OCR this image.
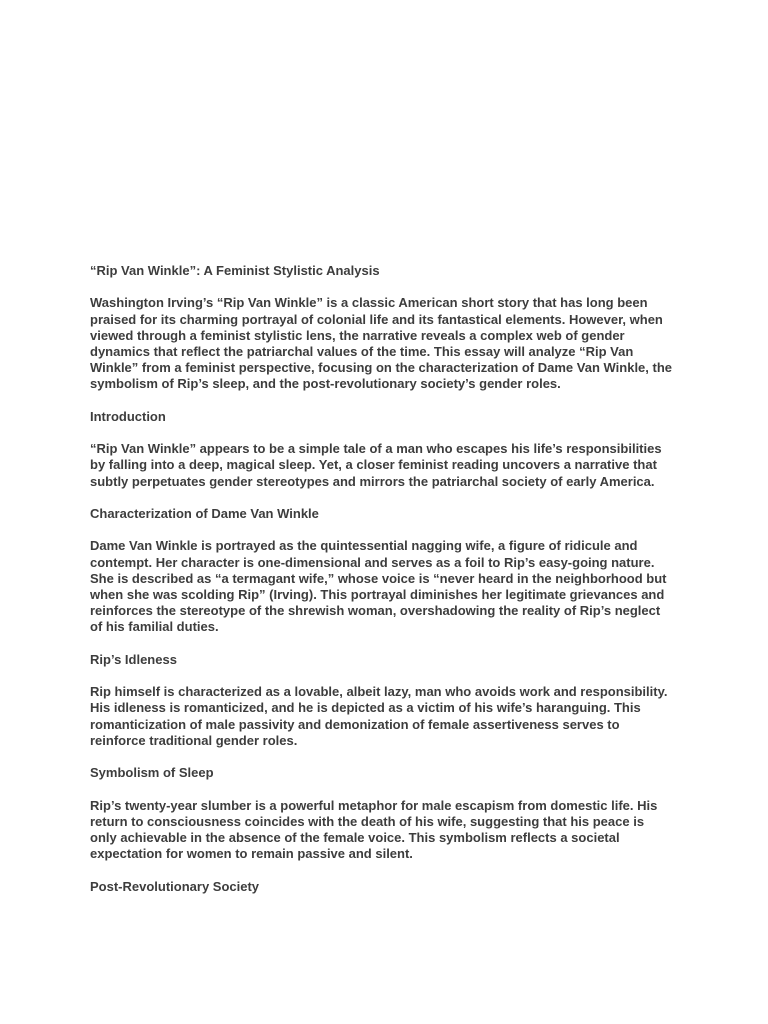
“Rip Van Winkle”: A Feminist Stylistic Analysis

Washington Irving’s “Rip Van Winkle” is a classic American short story that has long been praised for its charming portrayal of colonial life and its fantastical elements. However, when viewed through a feminist stylistic lens, the narrative reveals a complex web of gender dynamics that reflect the patriarchal values of the time. This essay will analyze “Rip Van Winkle” from a feminist perspective, focusing on the characterization of Dame Van Winkle, the symbolism of Rip’s sleep, and the post-revolutionary society’s gender roles.

Introduction

“Rip Van Winkle” appears to be a simple tale of a man who escapes his life’s responsibilities by falling into a deep, magical sleep. Yet, a closer feminist reading uncovers a narrative that subtly perpetuates gender stereotypes and mirrors the patriarchal society of early America.

Characterization of Dame Van Winkle

Dame Van Winkle is portrayed as the quintessential nagging wife, a figure of ridicule and contempt. Her character is one-dimensional and serves as a foil to Rip’s easy-going nature. She is described as “a termagant wife,” whose voice is “never heard in the neighborhood but when she was scolding Rip” (Irving). This portrayal diminishes her legitimate grievances and reinforces the stereotype of the shrewish woman, overshadowing the reality of Rip’s neglect of his familial duties.

Rip’s Idleness

Rip himself is characterized as a lovable, albeit lazy, man who avoids work and responsibility. His idleness is romanticized, and he is depicted as a victim of his wife’s haranguing. This romanticization of male passivity and demonization of female assertiveness serves to reinforce traditional gender roles.

Symbolism of Sleep

Rip’s twenty-year slumber is a powerful metaphor for male escapism from domestic life. His return to consciousness coincides with the death of his wife, suggesting that his peace is only achievable in the absence of the female voice. This symbolism reflects a societal expectation for women to remain passive and silent.

Post-Revolutionary Society
